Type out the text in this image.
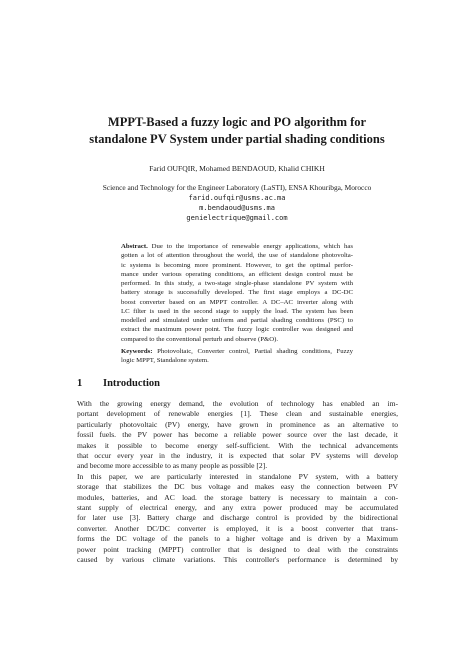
MPPT-Based a fuzzy logic and PO algorithm for
standalone PV System under partial shading conditions

Farid OUFQIR, Mohamed BENDAOUD, Khalid CHIKH

Science and Technology for the Engineer Laboratory (LaSTI), ENSA Khouribga, Morocco

farid.oufqir@usms.ac.ma
m.bendaoud@usms.ma
genielectrique@gmail.com
Abstract. Due to the importance of renewable energy applications, which has
gotten a lot of attention throughout the world, the use of standalone photovolta-
ic systems is becoming more prominent. However, to get the optimal perfor-
mance under various operating conditions, an efficient design control must be
performed. In this study, a two-stage single-phase standalone PV system with
battery storage is successfully developed. The first stage employs a DC-DC
boost converter based on an MPPT controller. A DC–AC inverter along with
LC filter is used in the second stage to supply the load. The system has been
modelled and simulated under uniform and partial shading conditions (PSC) to
extract the maximum power point. The fuzzy logic controller was designed and
compared to the conventional perturb and observe (P&O).
Keywords: Photovoltaic, Converter control, Partial shading conditions, Fuzzy
logic MPPT, Standalone system.
1 Introduction
With the growing energy demand, the evolution of technology has enabled an im-
portant development of renewable energies [1]. These clean and sustainable energies,
particularly photovoltaic (PV) energy, have grown in prominence as an alternative to
fossil fuels. the PV power has become a reliable power source over the last decade, it
makes it possible to become energy self-sufficient. With the technical advancements
that occur every year in the industry, it is expected that solar PV systems will develop
and become more accessible to as many people as possible [2].
In this paper, we are particularly interested in standalone PV system, with a battery
storage that stabilizes the DC bus voltage and makes easy the connection between PV
modules, batteries, and AC load. the storage battery is necessary to maintain a con-
stant supply of electrical energy, and any extra power produced may be accumulated
for later use [3]. Battery charge and discharge control is provided by the bidirectional
converter. Another DC/DC converter is employed, it is a boost converter that trans-
forms the DC voltage of the panels to a higher voltage and is driven by a Maximum
power point tracking (MPPT) controller that is designed to deal with the constraints
caused by various climate variations. This controller's performance is determined by
